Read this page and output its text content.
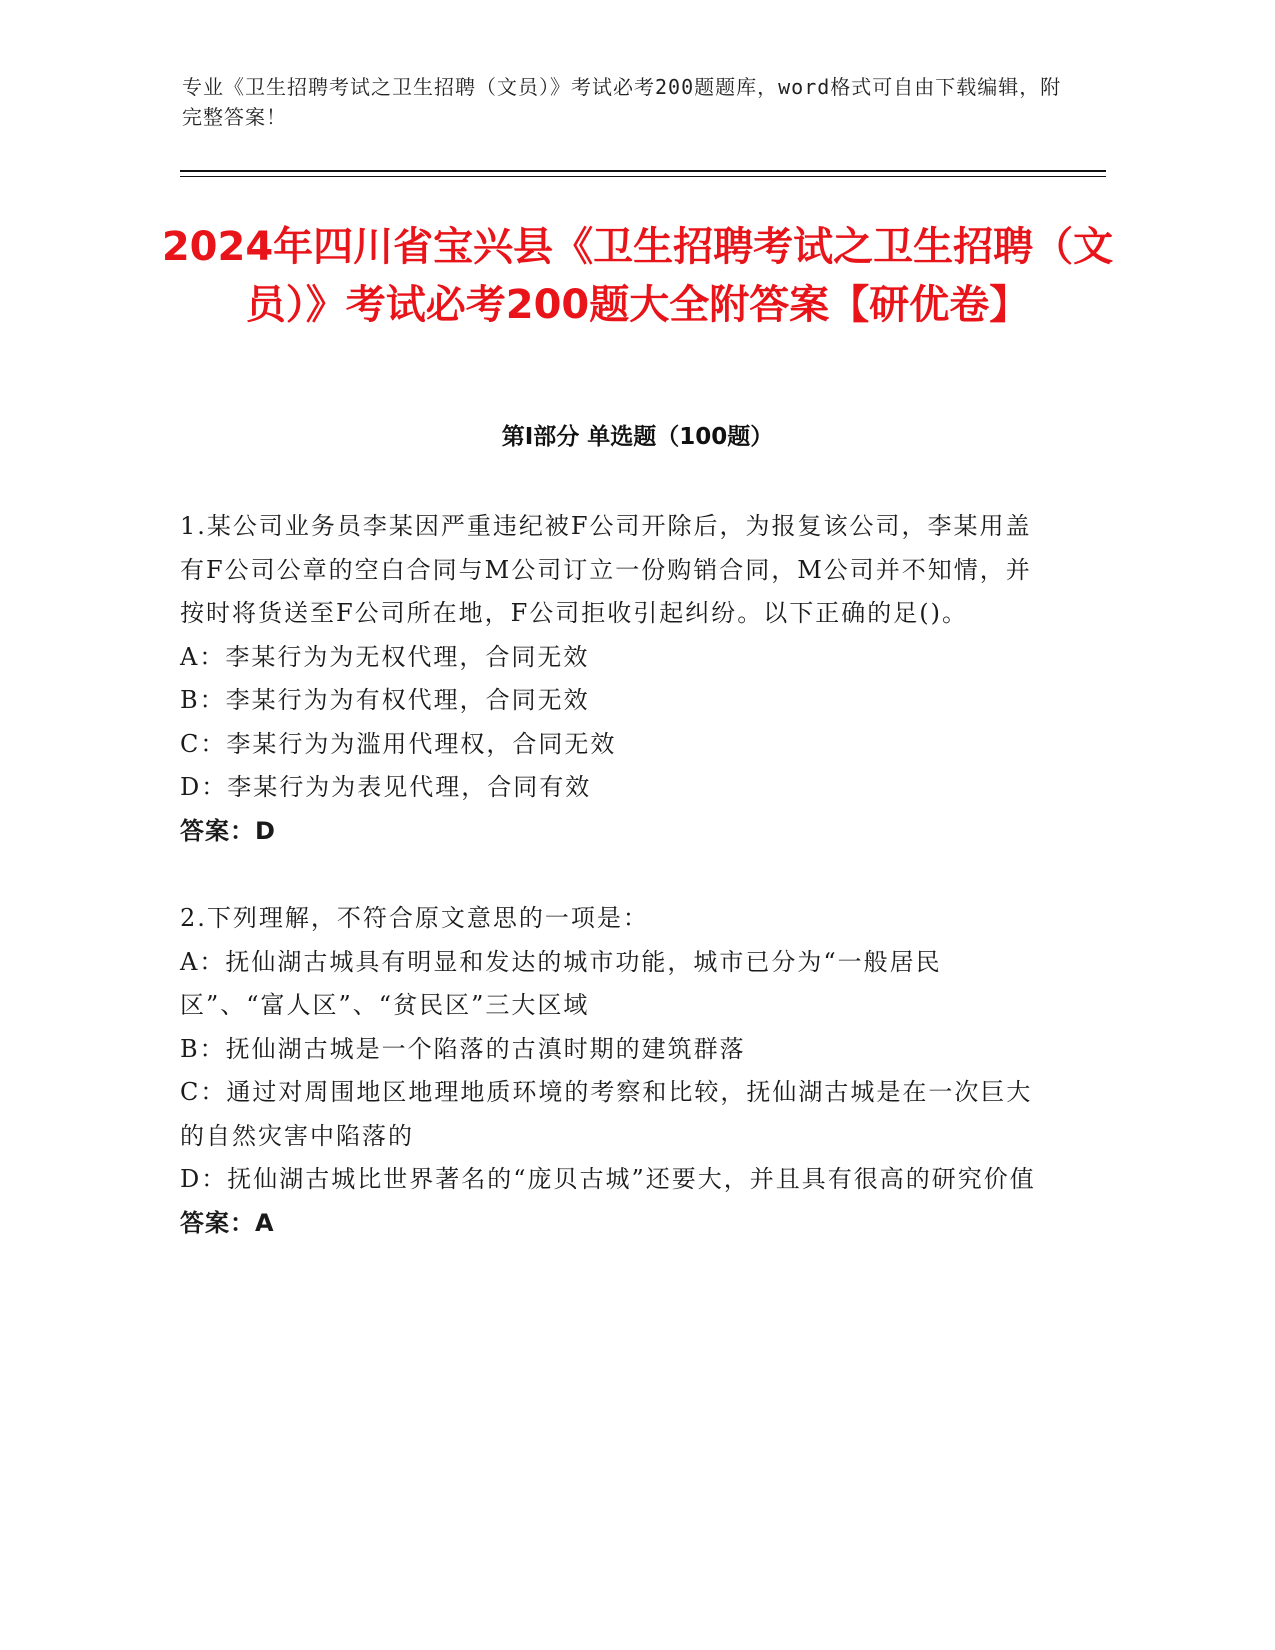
专业《卫生招聘考试之卫生招聘（文员）》考试必考200题题库，word格式可自由下载编辑，附完整答案！
2024年四川省宝兴县《卫生招聘考试之卫生招聘（文员）》考试必考200题大全附答案【研优卷】
第I部分 单选题（100题）

1.某公司业务员李某因严重违纪被F公司开除后，为报复该公司，李某用盖有F公司公章的空白合同与M公司订立一份购销合同，M公司并不知情，并按时将货送至F公司所在地，F公司拒收引起纠纷。以下正确的足()。

A：李某行为为无权代理，合同无效

B：李某行为为有权代理，合同无效

C：李某行为为滥用代理权，合同无效

D：李某行为为表见代理，合同有效

答案：D

2.下列理解，不符合原文意思的一项是：

A：抚仙湖古城具有明显和发达的城市功能，城市已分为“一般居民区”、“富人区”、“贫民区”三大区域

B：抚仙湖古城是一个陷落的古滇时期的建筑群落

C：通过对周围地区地理地质环境的考察和比较，抚仙湖古城是在一次巨大的自然灾害中陷落的

D：抚仙湖古城比世界著名的“庞贝古城”还要大，并且具有很高的研究价值

答案：A
